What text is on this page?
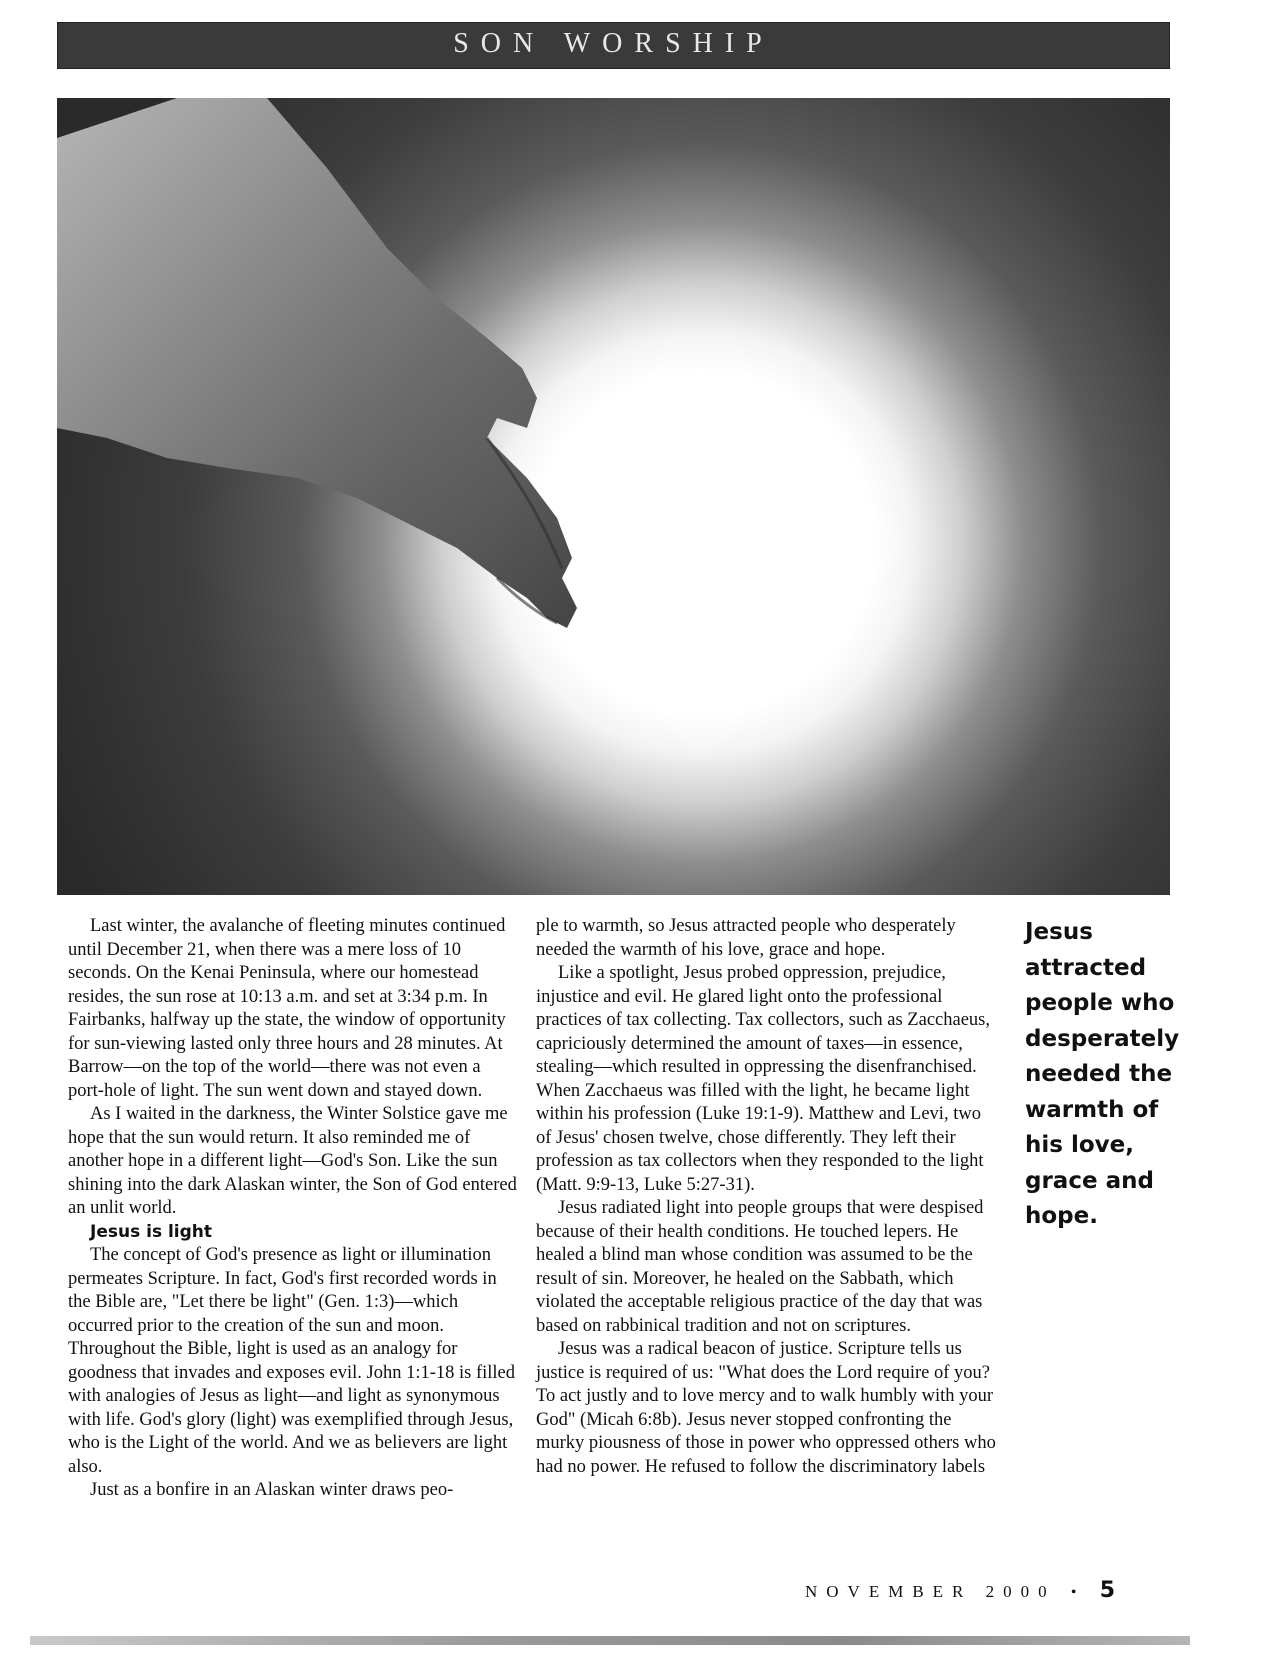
SON WORSHIP

Last winter, the avalanche of fleeting minutes continued until December 21, when there was a mere loss of 10 seconds. On the Kenai Peninsula, where our homestead resides, the sun rose at 10:13 a.m. and set at 3:34 p.m. In Fairbanks, halfway up the state, the window of opportunity for sun-viewing lasted only three hours and 28 minutes. At Barrow—on the top of the world—there was not even a port-hole of light. The sun went down and stayed down.

As I waited in the darkness, the Winter Solstice gave me hope that the sun would return. It also reminded me of another hope in a different light—God's Son. Like the sun shining into the dark Alaskan winter, the Son of God entered an unlit world.

Jesus is light

The concept of God's presence as light or illumination permeates Scripture. In fact, God's first recorded words in the Bible are, "Let there be light" (Gen. 1:3)—which occurred prior to the creation of the sun and moon. Throughout the Bible, light is used as an analogy for goodness that invades and exposes evil. John 1:1-18 is filled with analogies of Jesus as light—and light as synonymous with life. God's glory (light) was exemplified through Jesus, who is the Light of the world. And we as believers are light also.

Just as a bonfire in an Alaskan winter draws peo-

ple to warmth, so Jesus attracted people who desperately needed the warmth of his love, grace and hope.

Like a spotlight, Jesus probed oppression, prejudice, injustice and evil. He glared light onto the professional practices of tax collecting. Tax collectors, such as Zacchaeus, capriciously determined the amount of taxes—in essence, stealing—which resulted in oppressing the disenfranchised. When Zacchaeus was filled with the light, he became light within his profession (Luke 19:1-9). Matthew and Levi, two of Jesus' chosen twelve, chose differently. They left their profession as tax collectors when they responded to the light (Matt. 9:9-13, Luke 5:27-31).

Jesus radiated light into people groups that were despised because of their health conditions. He touched lepers. He healed a blind man whose condition was assumed to be the result of sin. Moreover, he healed on the Sabbath, which violated the acceptable religious practice of the day that was based on rabbinical tradition and not on scriptures.

Jesus was a radical beacon of justice. Scripture tells us justice is required of us: "What does the Lord require of you? To act justly and to love mercy and to walk humbly with your God" (Micah 6:8b). Jesus never stopped confronting the murky piousness of those in power who oppressed others who had no power. He refused to follow the discriminatory labels

Jesus attracted people who desperately needed the warmth of his love, grace and hope.
NOVEMBER 2000 • 5
